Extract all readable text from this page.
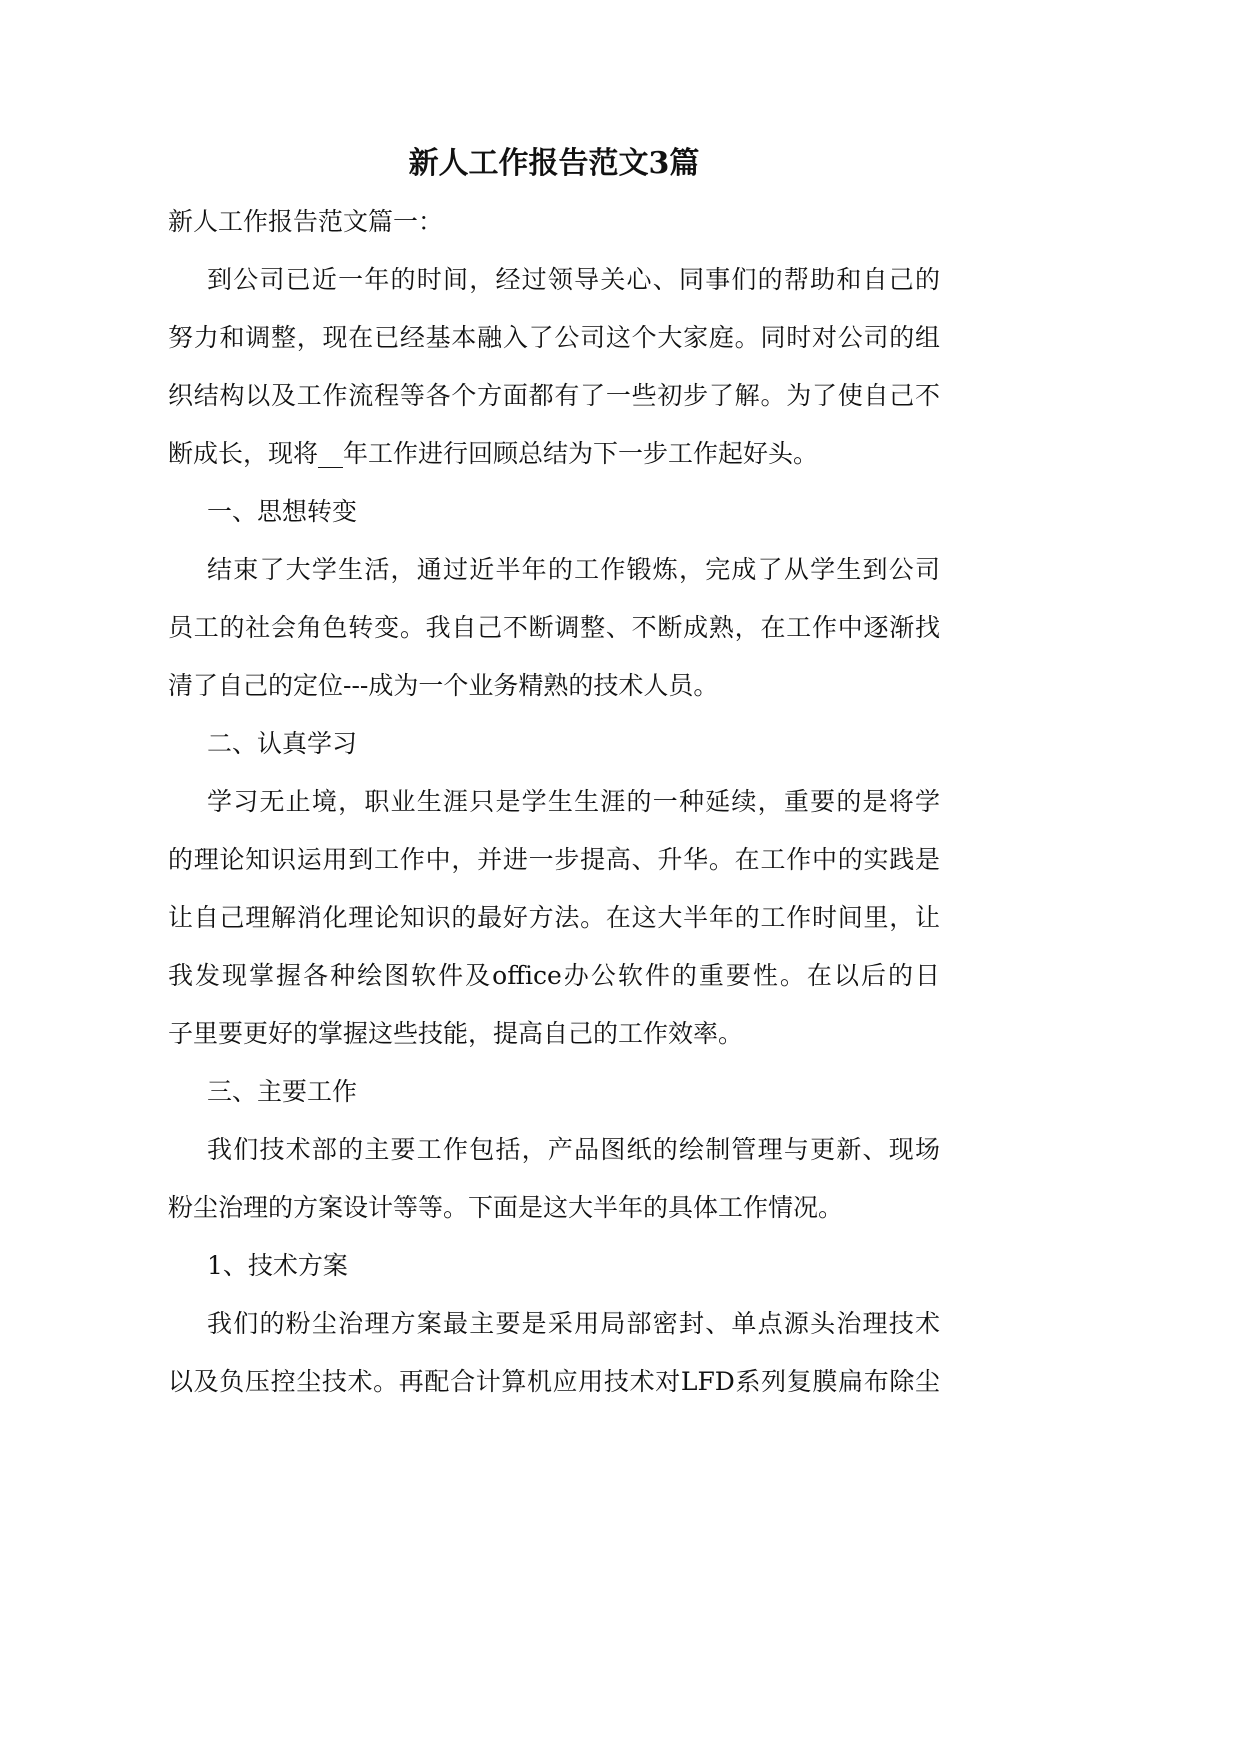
新人工作报告范文3篇
新人工作报告范文篇一：
到公司已近一年的时间，经过领导关心、同事们的帮助和自己的
努力和调整，现在已经基本融入了公司这个大家庭。同时对公司的组
织结构以及工作流程等各个方面都有了一些初步了解。为了使自己不
断成长，现将__年工作进行回顾总结为下一步工作起好头。
一、思想转变
结束了大学生活，通过近半年的工作锻炼，完成了从学生到公司
员工的社会角色转变。我自己不断调整、不断成熟，在工作中逐渐找
清了自己的定位---成为一个业务精熟的技术人员。
二、认真学习
学习无止境，职业生涯只是学生生涯的一种延续，重要的是将学
的理论知识运用到工作中，并进一步提高、升华。在工作中的实践是
让自己理解消化理论知识的最好方法。在这大半年的工作时间里，让
我发现掌握各种绘图软件及office办公软件的重要性。在以后的日
子里要更好的掌握这些技能，提高自己的工作效率。
三、主要工作
我们技术部的主要工作包括，产品图纸的绘制管理与更新、现场
粉尘治理的方案设计等等。下面是这大半年的具体工作情况。
1、技术方案
我们的粉尘治理方案最主要是采用局部密封、单点源头治理技术
以及负压控尘技术。再配合计算机应用技术对LFD系列复膜扁布除尘
